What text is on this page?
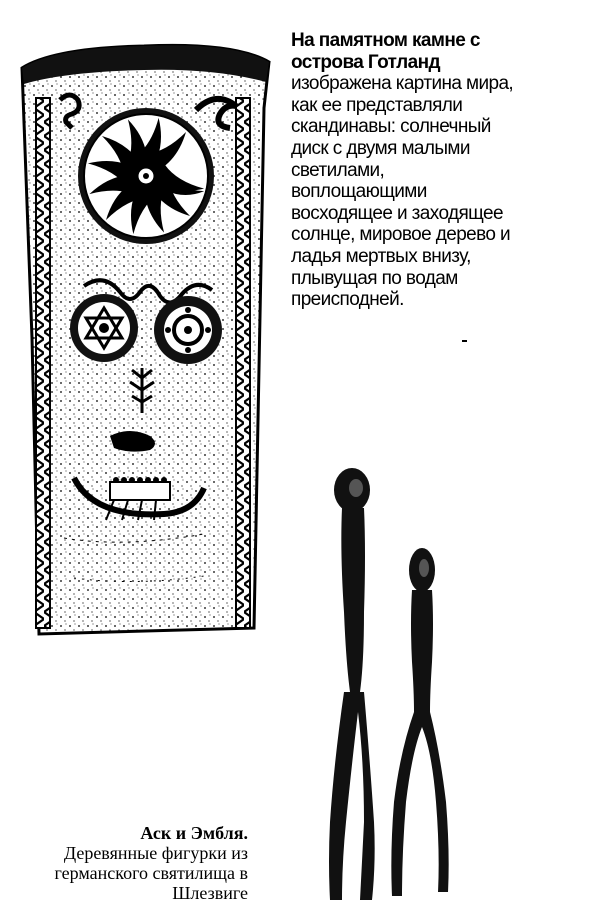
На памятном камне с острова Готланд
изображена картина мира, как ее представляли скандинавы: солнечный диск с двумя малыми светилами, воплощающими восходящее и заходящее солнце, мировое дерево и ладья мертвых внизу, плывущая по водам преисподней.
Аск и Эмбля.
Деревянные фигурки из германского святилища в Шлезвиге
